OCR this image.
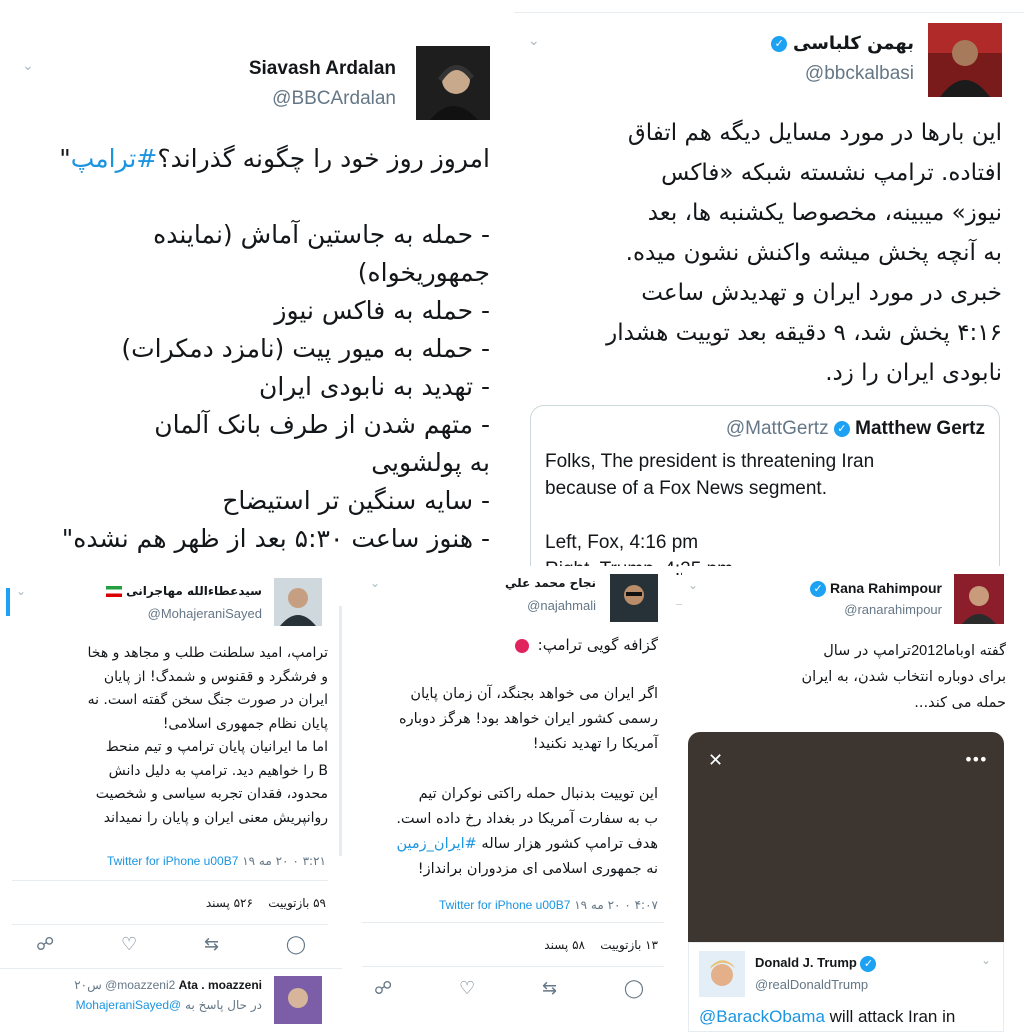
⌄	Siavash Ardalan
@BBCArdalan
امروز روز خود را چگونه گذراند؟#ترامپ"
- حمله به جاستین آماش (نماینده
جمهوریخواه)
- حمله به فاکس نیوز
- حمله به میور پیت (نامزد دمکرات)
- تهدید به نابودی ایران
- متهم شدن از طرف بانک آلمان
به پولشویی
- سایه سنگین تر استیضاح
- هنوز ساعت ۵:۳۰ بعد از ظهر هم نشده"
⌄	بهمن کلباسی ✓
@bbckalbasi
این بارها در مورد مسایل دیگه هم اتفاق
افتاده. ترامپ نشسته شبکه «فاکس
نیوز» میبینه، مخصوصا یکشنبه ها، بعد
به آنچه پخش میشه واکنش نشون میده.
خبری در مورد ایران و تهدیدش ساعت
۴:۱۶ پخش شد، ۹ دقیقه بعد توییت هشدار
نابودی ایران را زد.
@MattGertz ✓ Matthew Gertz
Folks, The president is threatening Iran
because of a Fox News segment.
Left, Fox, 4:16 pm
⌄	سیدعطاءالله مهاجرانی
@MohajeraniSayed
ترامپ، امید سلطنت طلب و مجاهد و هخا
و فرشگرد و ققنوس و شمدگ! از پایان
ایران در صورت جنگ سخن گفته است. نه
پایان نظام جمهوری اسلامی!
اما ما ایرانیان پایان ترامپ و تیم منحط
B را خواهیم دید. ترامپ به دلیل دانش
محدود، فقدان تجربه سیاسی و شخصیت
روانپریش معنی ایران و پایان را نمیداند
۳:۲۱ ۰ ۲۰ مه ۱۹ Twitter for iPhone u00B7
۵۹ بازتوییت    ۵۲۶ پسند
☍	♡	⇆	◯
۲۰س @moazzeni2 Ata . moazzeni
در حال پاسخ به @MohajeraniSayed
⌄	نجاح محمد علي
@najahmali
گزافه گویی ترامپ:
اگر ایران می خواهد بجنگد، آن زمان پایان
رسمی کشور ایران خواهد بود! هرگز دوباره
آمریکا را تهدید نکنید!
این توییت بدنبال حمله راکتی نوکران تیم
ب به سفارت آمریکا در بغداد رخ داده است.
هدف ترامپ کشور هزار ساله #ایران_زمین
نه جمهوری اسلامی ای مزدوران برانداز!
۴:۰۷ ۰ ۲۰ مه ۱۹ Twitter for iPhone u00B7
۱۳ بازتوییت    ۵۸ پسند
☍	♡	⇆	◯
⌄	✓ Rana Rahimpour
@ranarahimpour
گفته اوباما2012ترامپ در سال
برای دوباره انتخاب شدن، به ایران
حمله می کند...
✕	•••
Donald J. Trump ✓
@realDonaldTrump
⌄
@BarackObama will attack Iran in
